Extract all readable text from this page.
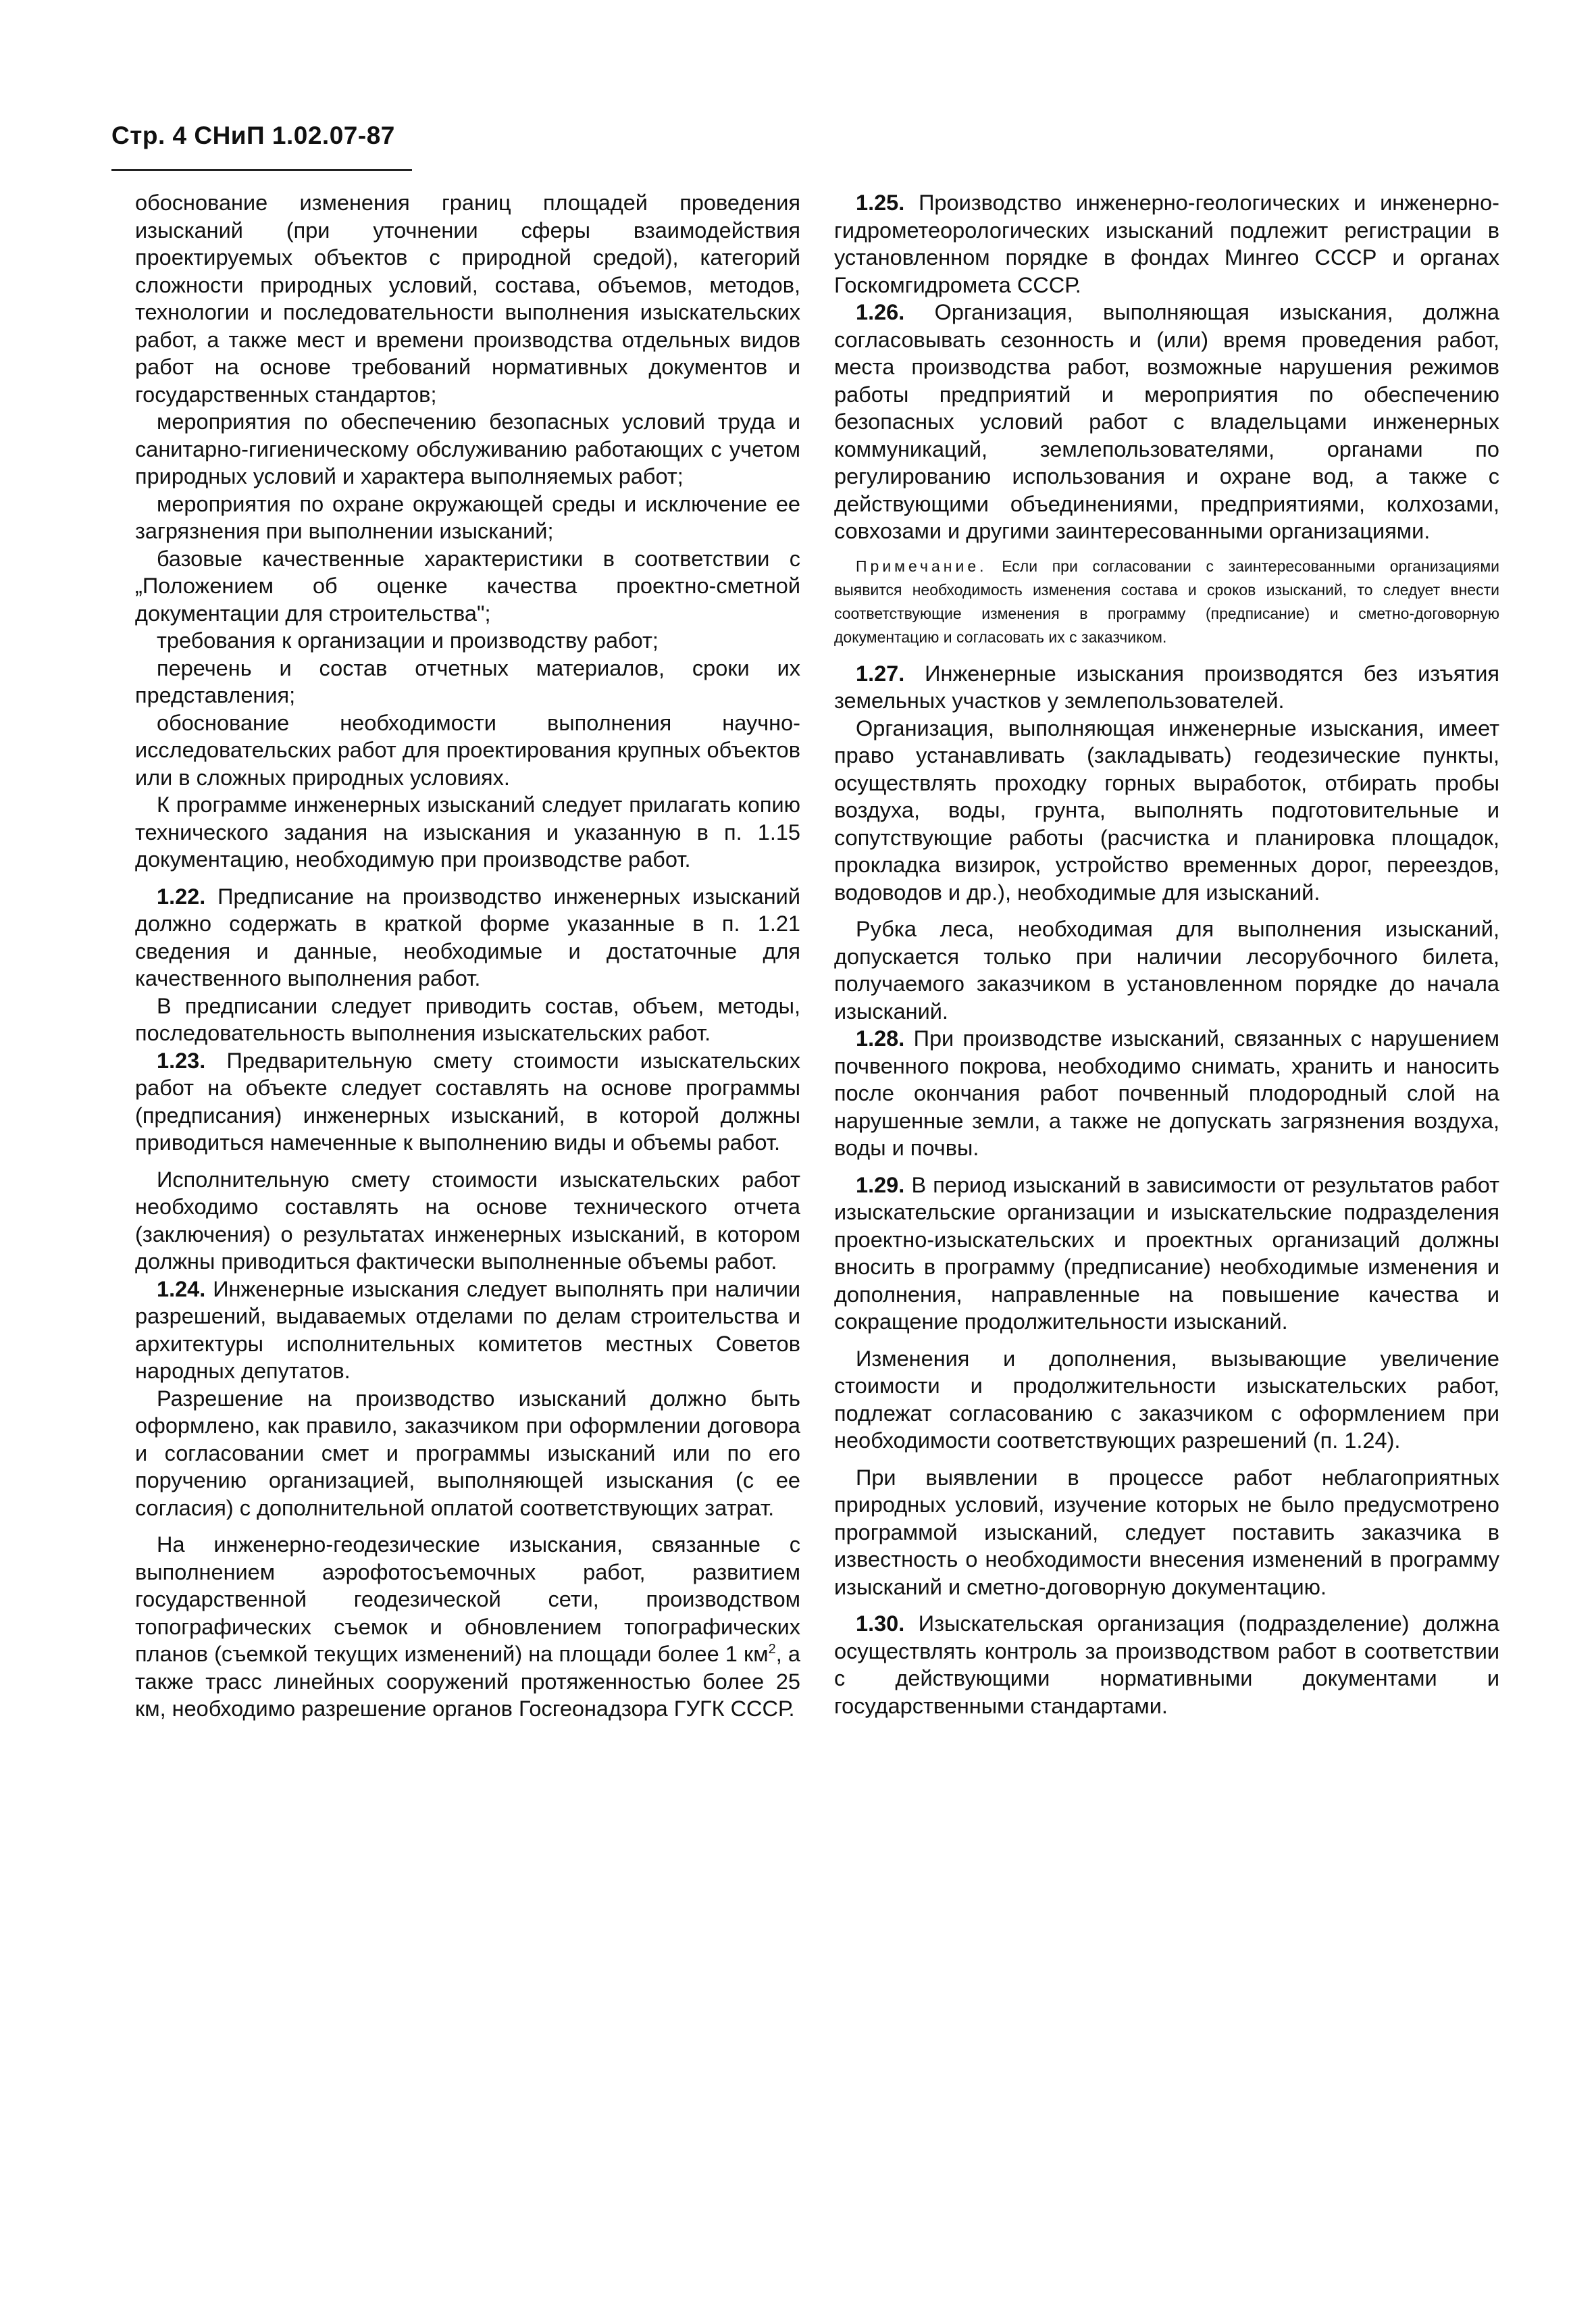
Стр. 4 СНиП 1.02.07-87

обоснование изменения границ площадей проведения изысканий (при уточнении сферы взаимодействия проектируемых объектов с природной средой), категорий сложности природных условий, состава, объемов, методов, технологии и последовательности выполнения изыскательских работ, а также мест и времени производства отдельных видов работ на основе требований нормативных документов и государственных стандартов;

мероприятия по обеспечению безопасных условий труда и санитарно-гигиеническому обслуживанию работающих с учетом природных условий и характера выполняемых работ;

мероприятия по охране окружающей среды и исключение ее загрязнения при выполнении изысканий;

базовые качественные характеристики в соответствии с „Положением об оценке качества проектно-сметной документации для строительства";

требования к организации и производству работ;

перечень и состав отчетных материалов, сроки их представления;

обоснование необходимости выполнения научно-исследовательских работ для проектирования крупных объектов или в сложных природных условиях.

К программе инженерных изысканий следует прилагать копию технического задания на изыскания и указанную в п. 1.15 документацию, необходимую при производстве работ.

1.22. Предписание на производство инженерных изысканий должно содержать в краткой форме указанные в п. 1.21 сведения и данные, необходимые и достаточные для качественного выполнения работ.

В предписании следует приводить состав, объем, методы, последовательность выполнения изыскательских работ.

1.23. Предварительную смету стоимости изыскательских работ на объекте следует составлять на основе программы (предписания) инженерных изысканий, в которой должны приводиться намеченные к выполнению виды и объемы работ.

Исполнительную смету стоимости изыскательских работ необходимо составлять на основе технического отчета (заключения) о результатах инженерных изысканий, в котором должны приводиться фактически выполненные объемы работ.

1.24. Инженерные изыскания следует выполнять при наличии разрешений, выдаваемых отделами по делам строительства и архитектуры исполнительных комитетов местных Советов народных депутатов.

Разрешение на производство изысканий должно быть оформлено, как правило, заказчиком при оформлении договора и согласовании смет и программы изысканий или по его поручению организацией, выполняющей изыскания (с ее согласия) с дополнительной оплатой соответствующих затрат.

На инженерно-геодезические изыскания, связанные с выполнением аэрофотосъемочных работ, развитием государственной геодезической сети, производством топографических съемок и обновлением топографических планов (съемкой текущих изменений) на площади более 1 $км^2$, а также трасс линейных сооружений протяженностью более 25 км, необходимо разрешение органов Госгеонадзора ГУГК СССР.

1.25. Производство инженерно-геологических и инженерно-гидрометеорологических изысканий подлежит регистрации в установленном порядке в фондах Мингео СССР и органах Госкомгидромета СССР.

1.26. Организация, выполняющая изыскания, должна согласовывать сезонность и (или) время проведения работ, места производства работ, возможные нарушения режимов работы предприятий и мероприятия по обеспечению безопасных условий работ с владельцами инженерных коммуникаций, землепользователями, органами по регулированию использования и охране вод, а также с действующими объединениями, предприятиями, колхозами, совхозами и другими заинтересованными организациями.

Примечание. Если при согласовании с заинтересованными организациями выявится необходимость изменения состава и сроков изысканий, то следует внести соответствующие изменения в программу (предписание) и сметно-договорную документацию и согласовать их с заказчиком.

1.27. Инженерные изыскания производятся без изъятия земельных участков у землепользователей.

Организация, выполняющая инженерные изыскания, имеет право устанавливать (закладывать) геодезические пункты, осуществлять проходку горных выработок, отбирать пробы воздуха, воды, грунта, выполнять подготовительные и сопутствующие работы (расчистка и планировка площадок, прокладка визирок, устройство временных дорог, переездов, водоводов и др.), необходимые для изысканий.

Рубка леса, необходимая для выполнения изысканий, допускается только при наличии лесорубочного билета, получаемого заказчиком в установленном порядке до начала изысканий.

1.28. При производстве изысканий, связанных с нарушением почвенного покрова, необходимо снимать, хранить и наносить после окончания работ почвенный плодородный слой на нарушенные земли, а также не допускать загрязнения воздуха, воды и почвы.

1.29. В период изысканий в зависимости от результатов работ изыскательские организации и изыскательские подразделения проектно-изыскательских и проектных организаций должны вносить в программу (предписание) необходимые изменения и дополнения, направленные на повышение качества и сокращение продолжительности изысканий.

Изменения и дополнения, вызывающие увеличение стоимости и продолжительности изыскательских работ, подлежат согласованию с заказчиком с оформлением при необходимости соответствующих разрешений (п. 1.24).

При выявлении в процессе работ неблагоприятных природных условий, изучение которых не было предусмотрено программой изысканий, следует поставить заказчика в известность о необходимости внесения изменений в программу изысканий и сметно-договорную документацию.

1.30. Изыскательская организация (подразделение) должна осуществлять контроль за производством работ в соответствии с действующими нормативными документами и государственными стандартами.
